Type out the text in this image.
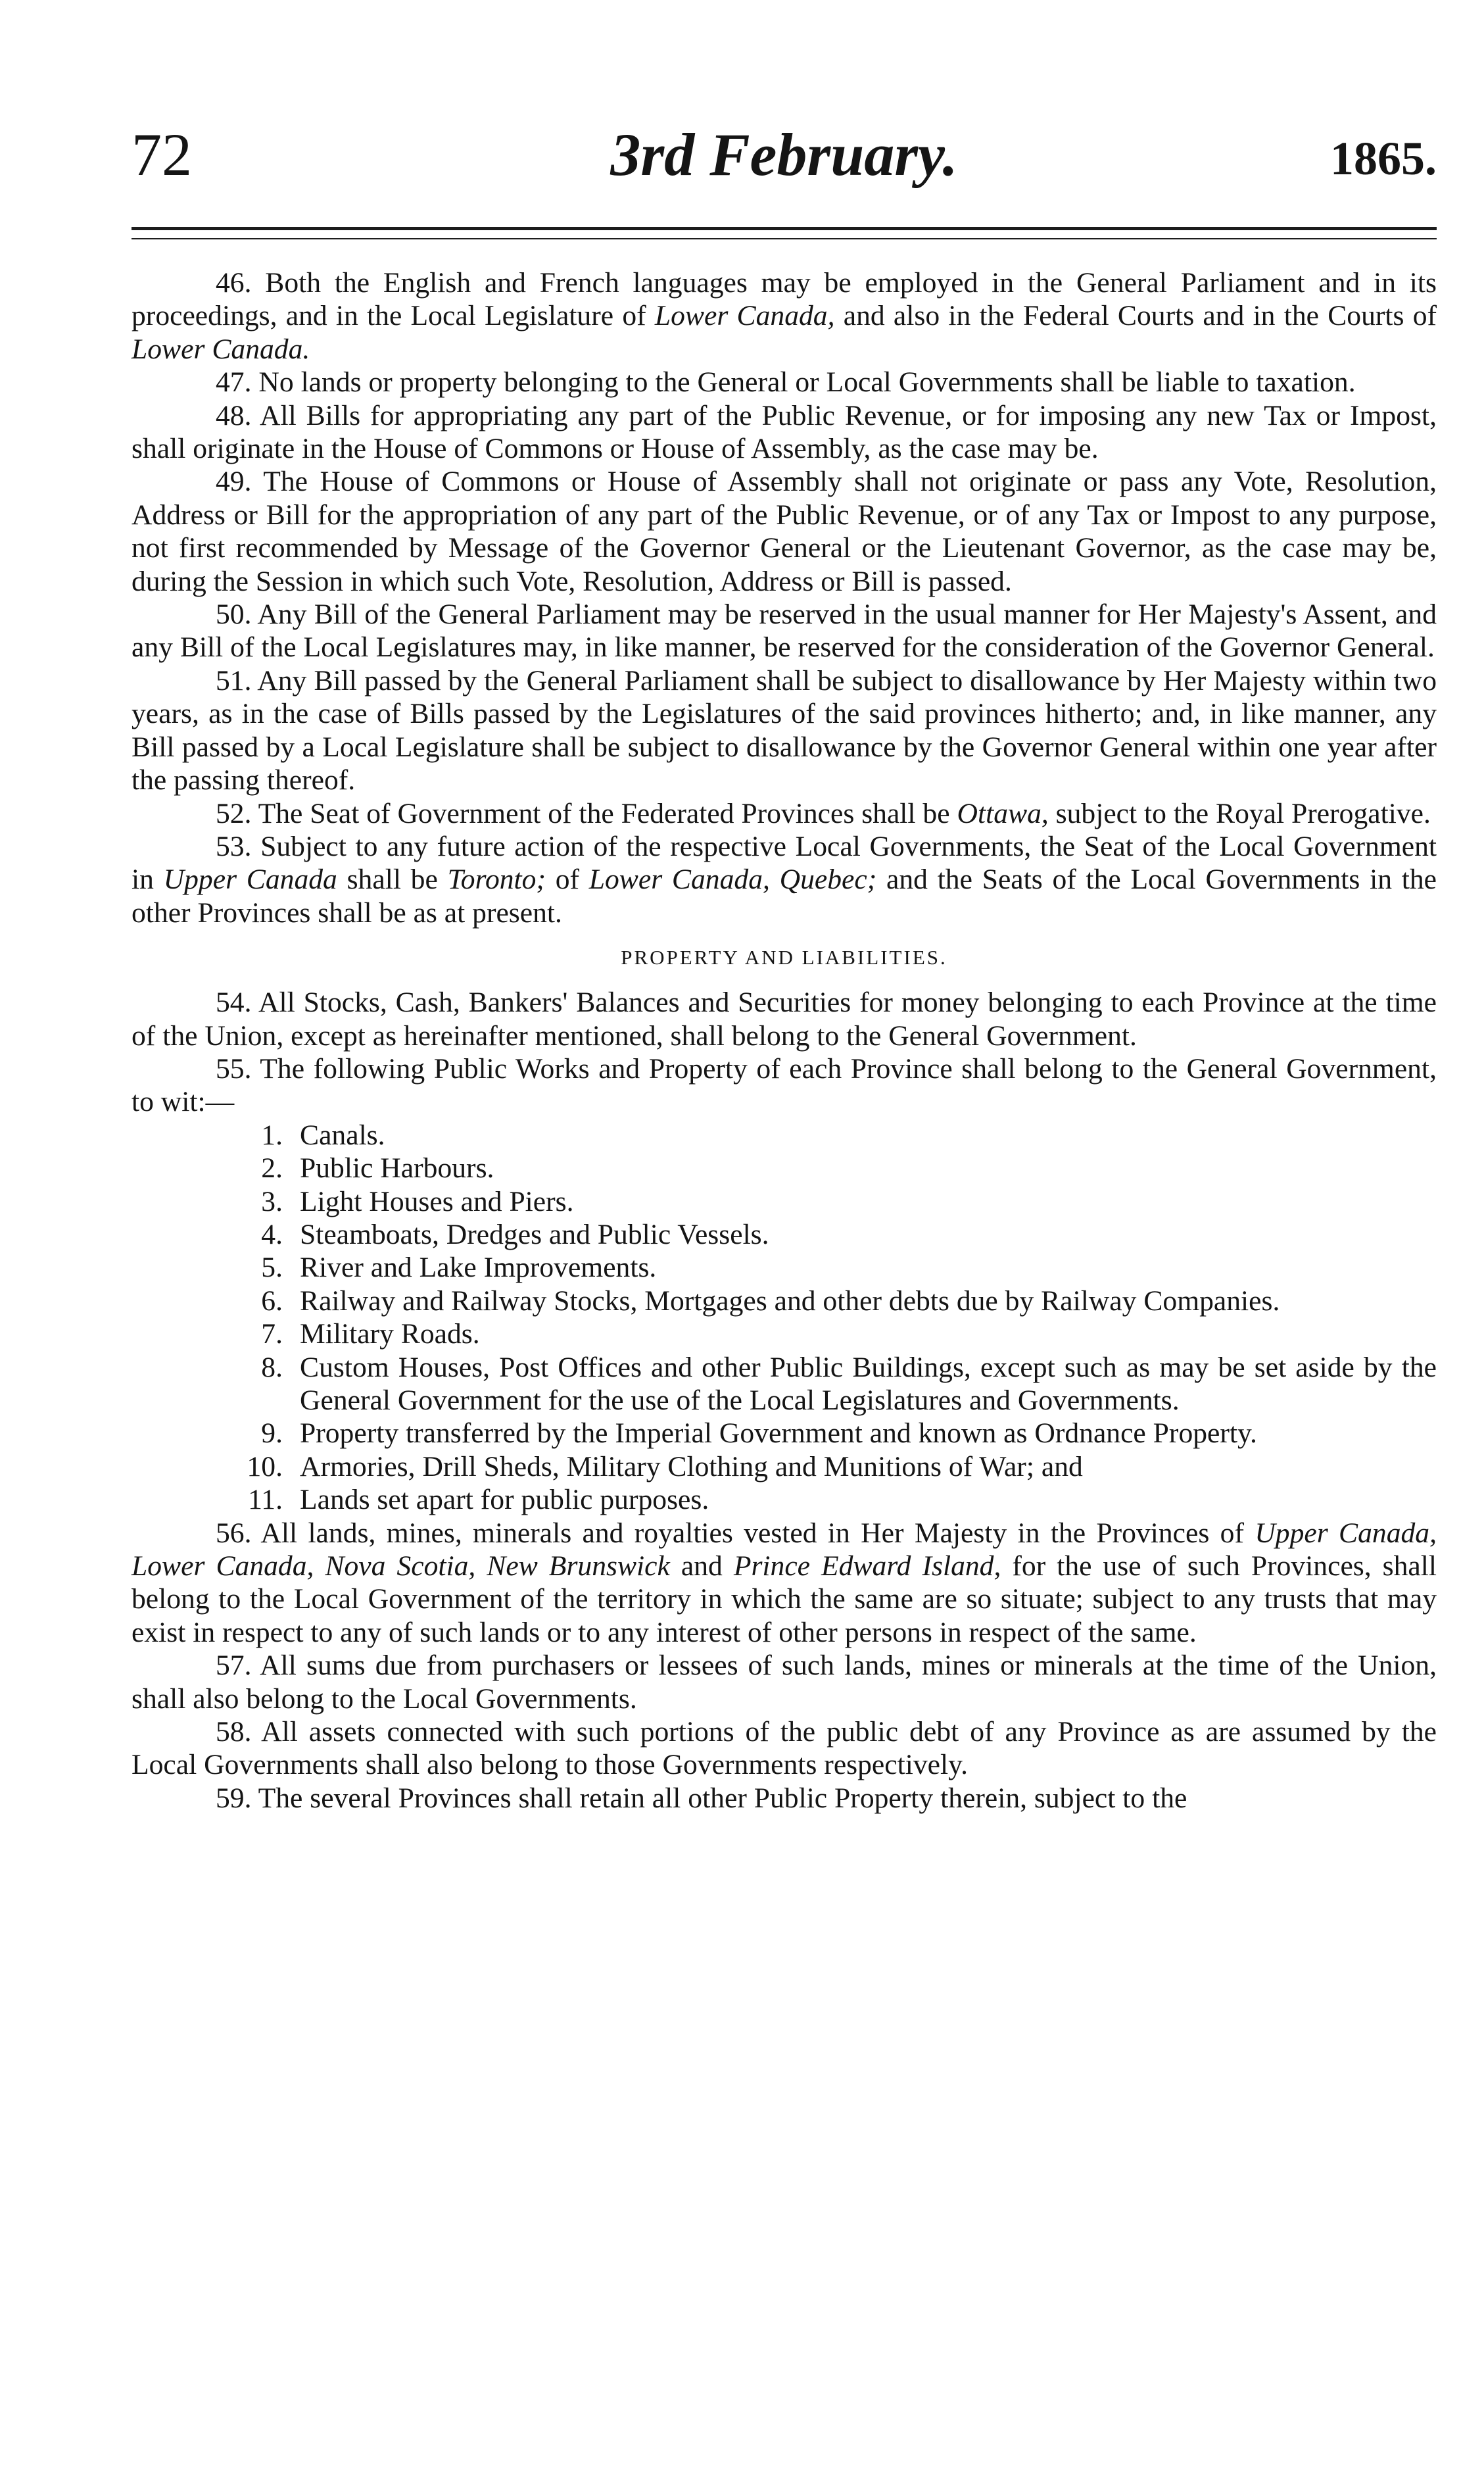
72	3rd February.	1865.

46. Both the English and French languages may be employed in the General Parliament and in its proceedings, and in the Local Legislature of Lower Canada, and also in the Federal Courts and in the Courts of Lower Canada.

47. No lands or property belonging to the General or Local Governments shall be liable to taxation.

48. All Bills for appropriating any part of the Public Revenue, or for imposing any new Tax or Impost, shall originate in the House of Commons or House of Assembly, as the case may be.

49. The House of Commons or House of Assembly shall not originate or pass any Vote, Resolution, Address or Bill for the appropriation of any part of the Public Revenue, or of any Tax or Impost to any purpose, not first recommended by Message of the Governor General or the Lieutenant Governor, as the case may be, during the Session in which such Vote, Resolution, Address or Bill is passed.

50. Any Bill of the General Parliament may be reserved in the usual manner for Her Majesty's Assent, and any Bill of the Local Legislatures may, in like manner, be reserved for the consideration of the Governor General.

51. Any Bill passed by the General Parliament shall be subject to disallowance by Her Majesty within two years, as in the case of Bills passed by the Legislatures of the said provinces hitherto; and, in like manner, any Bill passed by a Local Legislature shall be subject to disallowance by the Governor General within one year after the passing thereof.

52. The Seat of Government of the Federated Provinces shall be Ottawa, subject to the Royal Prerogative.

53. Subject to any future action of the respective Local Governments, the Seat of the Local Government in Upper Canada shall be Toronto; of Lower Canada, Quebec; and the Seats of the Local Governments in the other Provinces shall be as at present.

PROPERTY AND LIABILITIES.

54. All Stocks, Cash, Bankers' Balances and Securities for money belonging to each Province at the time of the Union, except as hereinafter mentioned, shall belong to the General Government.

55. The following Public Works and Property of each Province shall belong to the General Government, to wit:—

1. Canals.
2. Public Harbours.
3. Light Houses and Piers.
4. Steamboats, Dredges and Public Vessels.
5. River and Lake Improvements.
6. Railway and Railway Stocks, Mortgages and other debts due by Railway Companies.
7. Military Roads.
8. Custom Houses, Post Offices and other Public Buildings, except such as may be set aside by the General Government for the use of the Local Legislatures and Governments.
9. Property transferred by the Imperial Government and known as Ordnance Property.
10. Armories, Drill Sheds, Military Clothing and Munitions of War; and
11. Lands set apart for public purposes.

56. All lands, mines, minerals and royalties vested in Her Majesty in the Provinces of Upper Canada, Lower Canada, Nova Scotia, New Brunswick and Prince Edward Island, for the use of such Provinces, shall belong to the Local Government of the territory in which the same are so situate; subject to any trusts that may exist in respect to any of such lands or to any interest of other persons in respect of the same.

57. All sums due from purchasers or lessees of such lands, mines or minerals at the time of the Union, shall also belong to the Local Governments.

58. All assets connected with such portions of the public debt of any Province as are assumed by the Local Governments shall also belong to those Governments respectively.

59. The several Provinces shall retain all other Public Property therein, subject to the
